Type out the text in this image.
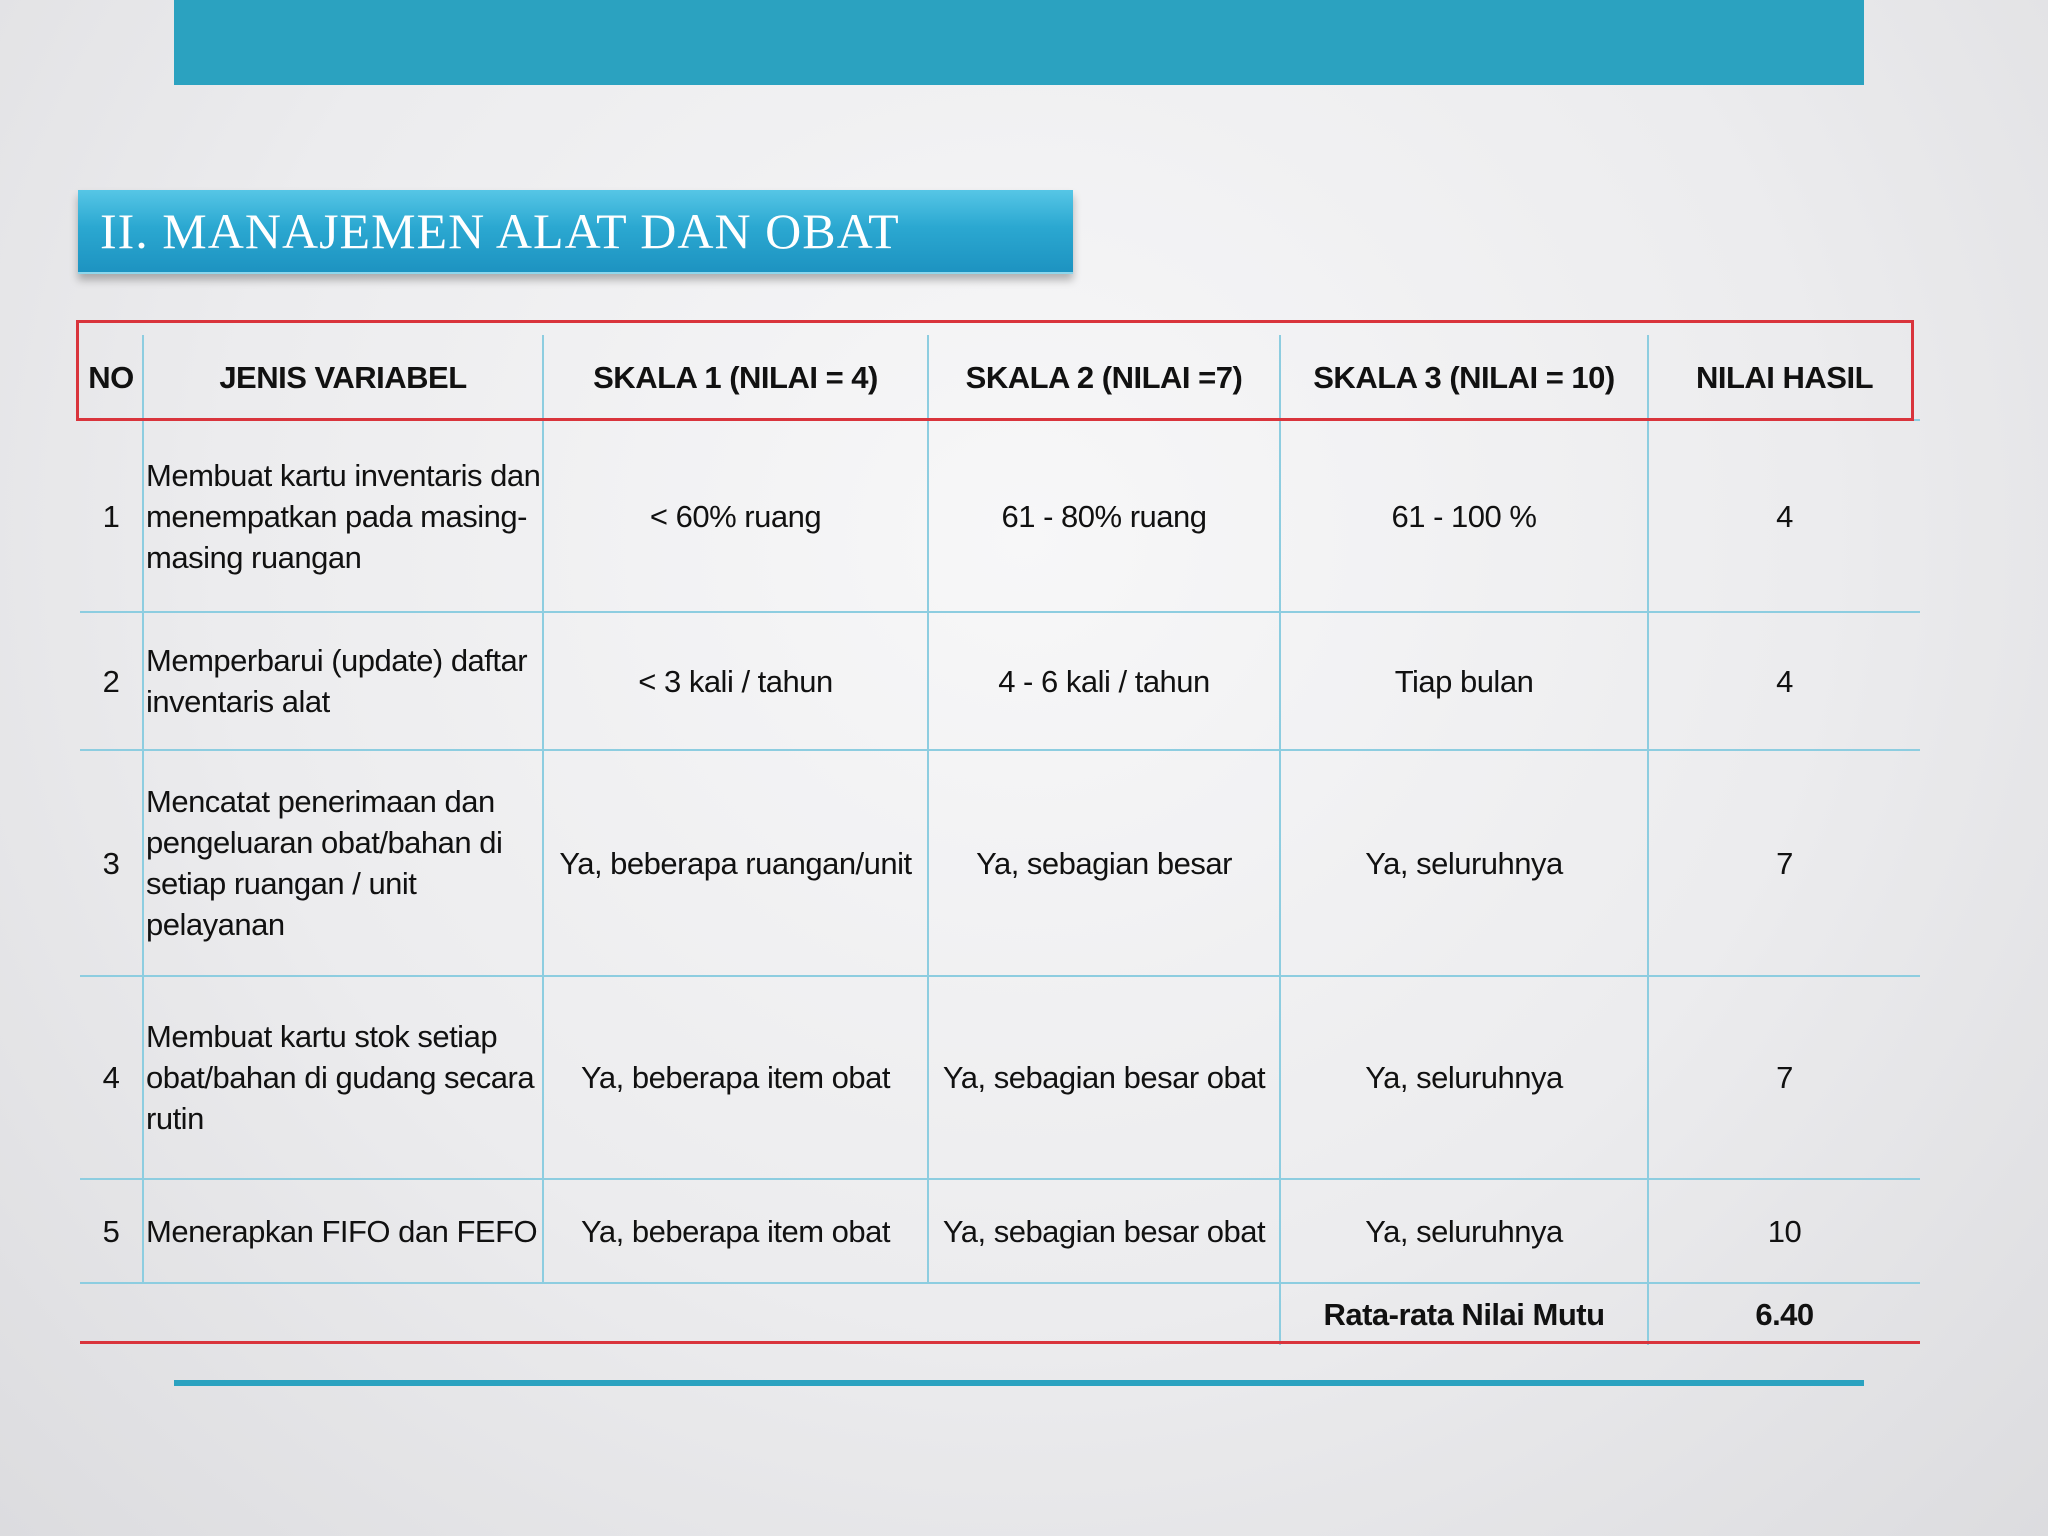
II. MANAJEMEN ALAT DAN OBAT
NO	JENIS VARIABEL	SKALA 1 (NILAI = 4)	SKALA 2 (NILAI =7)	SKALA 3 (NILAI = 10)	NILAI HASIL
1	Membuat kartu inventaris dan menempatkan pada masing-masing ruangan	< 60% ruang	61 - 80% ruang	61 - 100 %	4
2	Memperbarui (update) daftar inventaris alat	< 3 kali / tahun	4 - 6 kali / tahun	Tiap bulan	4
3	Mencatat penerimaan dan pengeluaran obat/bahan di setiap ruangan / unit pelayanan	Ya, beberapa ruangan/unit	Ya, sebagian besar	Ya, seluruhnya	7
4	Membuat kartu stok setiap obat/bahan di gudang secara rutin	Ya, beberapa item obat	Ya, sebagian besar obat	Ya, seluruhnya	7
5	Menerapkan FIFO dan FEFO	Ya, beberapa item obat	Ya, sebagian besar obat	Ya, seluruhnya	10
				Rata-rata Nilai Mutu	6.40
